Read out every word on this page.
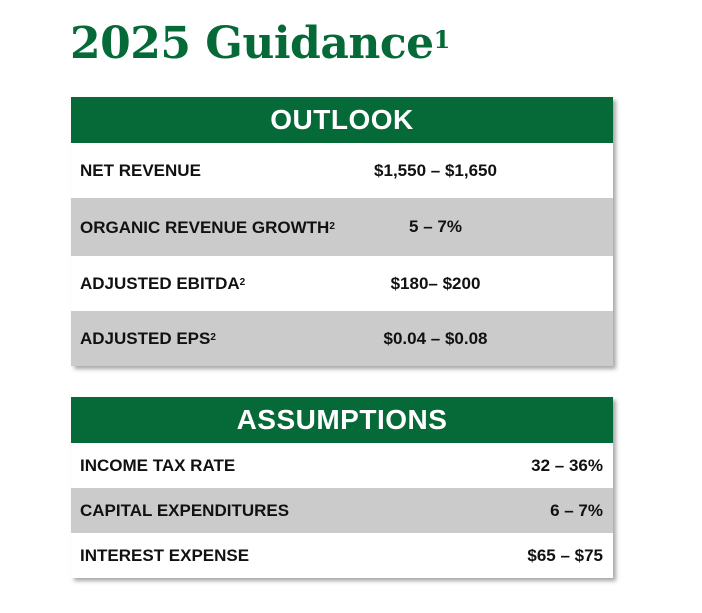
2025 Guidance$^1$
OUTLOOK
NET REVENUE	$1,550 – $1,650
ORGANIC REVENUE GROWTH$^2$	5 – 7%
ADJUSTED EBITDA$^2$	$180– $200
ADJUSTED EPS$^2$	$0.04 – $0.08
ASSUMPTIONS
INCOME TAX RATE	32 – 36%
CAPITAL EXPENDITURES	6 – 7%
INTEREST EXPENSE	$65 – $75
